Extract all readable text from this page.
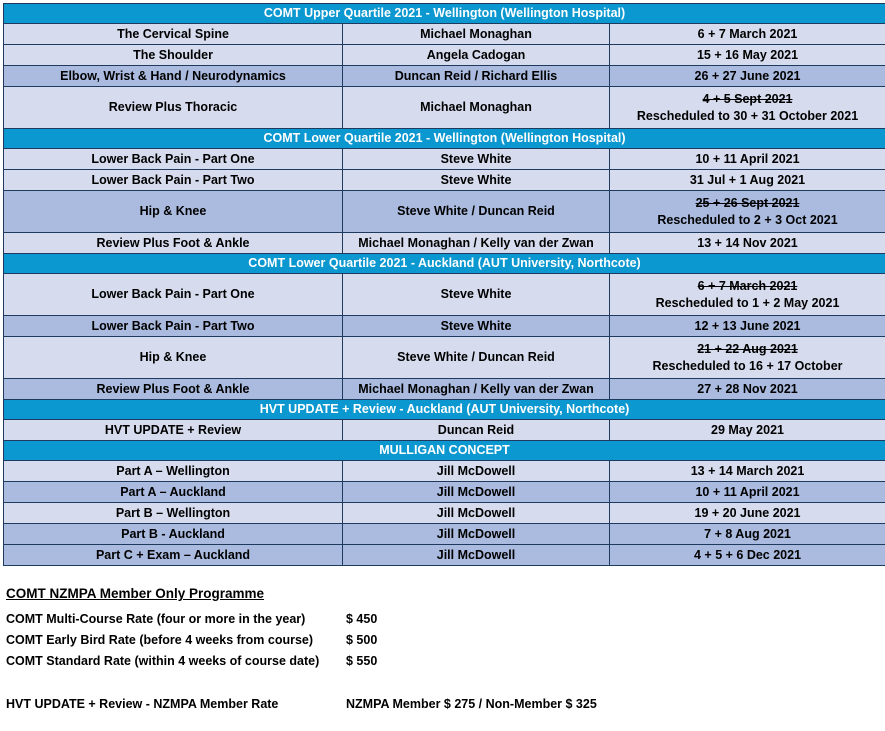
COMT Upper Quartile 2021 - Wellington (Wellington Hospital)		
The Cervical Spine	Michael Monaghan	6 + 7 March 2021
The Shoulder	Angela Cadogan	15 + 16 May 2021
Elbow, Wrist & Hand / Neurodynamics	Duncan Reid / Richard Ellis	26 + 27 June 2021
Review Plus Thoracic	Michael Monaghan	4 + 5 Sept 2021
Rescheduled to 30 + 31 October 2021

COMT Lower Quartile 2021 - Wellington (Wellington Hospital)		
Lower Back Pain - Part One	Steve White	10 + 11 April 2021
Lower Back Pain - Part Two	Steve White	31 Jul + 1 Aug 2021
Hip & Knee	Steve White / Duncan Reid	25 + 26 Sept 2021
Rescheduled to 2 + 3 Oct 2021

Review Plus Foot & Ankle	Michael Monaghan / Kelly van der Zwan	13 + 14 Nov 2021
COMT Lower Quartile 2021 - Auckland (AUT University, Northcote)		
Lower Back Pain - Part One	Steve White	6 + 7 March 2021
Rescheduled to 1 + 2 May 2021

Lower Back Pain - Part Two	Steve White	12 + 13 June 2021
Hip & Knee	Steve White / Duncan Reid	21 + 22 Aug 2021
Rescheduled to 16 + 17 October

Review Plus Foot & Ankle	Michael Monaghan / Kelly van der Zwan	27 + 28 Nov 2021
HVT UPDATE + Review - Auckland (AUT University, Northcote)		
HVT UPDATE + Review	Duncan Reid	29 May 2021
MULLIGAN CONCEPT		
Part A – Wellington	Jill McDowell	13 + 14 March 2021
Part A – Auckland	Jill McDowell	10 + 11 April 2021
Part B – Wellington	Jill McDowell	19 + 20 June 2021
Part B - Auckland	Jill McDowell	7 + 8 Aug 2021
Part C + Exam – Auckland	Jill McDowell	4 + 5 + 6 Dec 2021
COMT NZMPA Member Only Programme
COMT Multi-Course Rate (four or more in the year)	$ 450
COMT Early Bird Rate (before 4 weeks from course)	$ 500
COMT Standard Rate (within 4 weeks of course date) $ 550
HVT UPDATE + Review - NZMPA Member Rate	NZMPA Member $ 275 / Non-Member $ 325
